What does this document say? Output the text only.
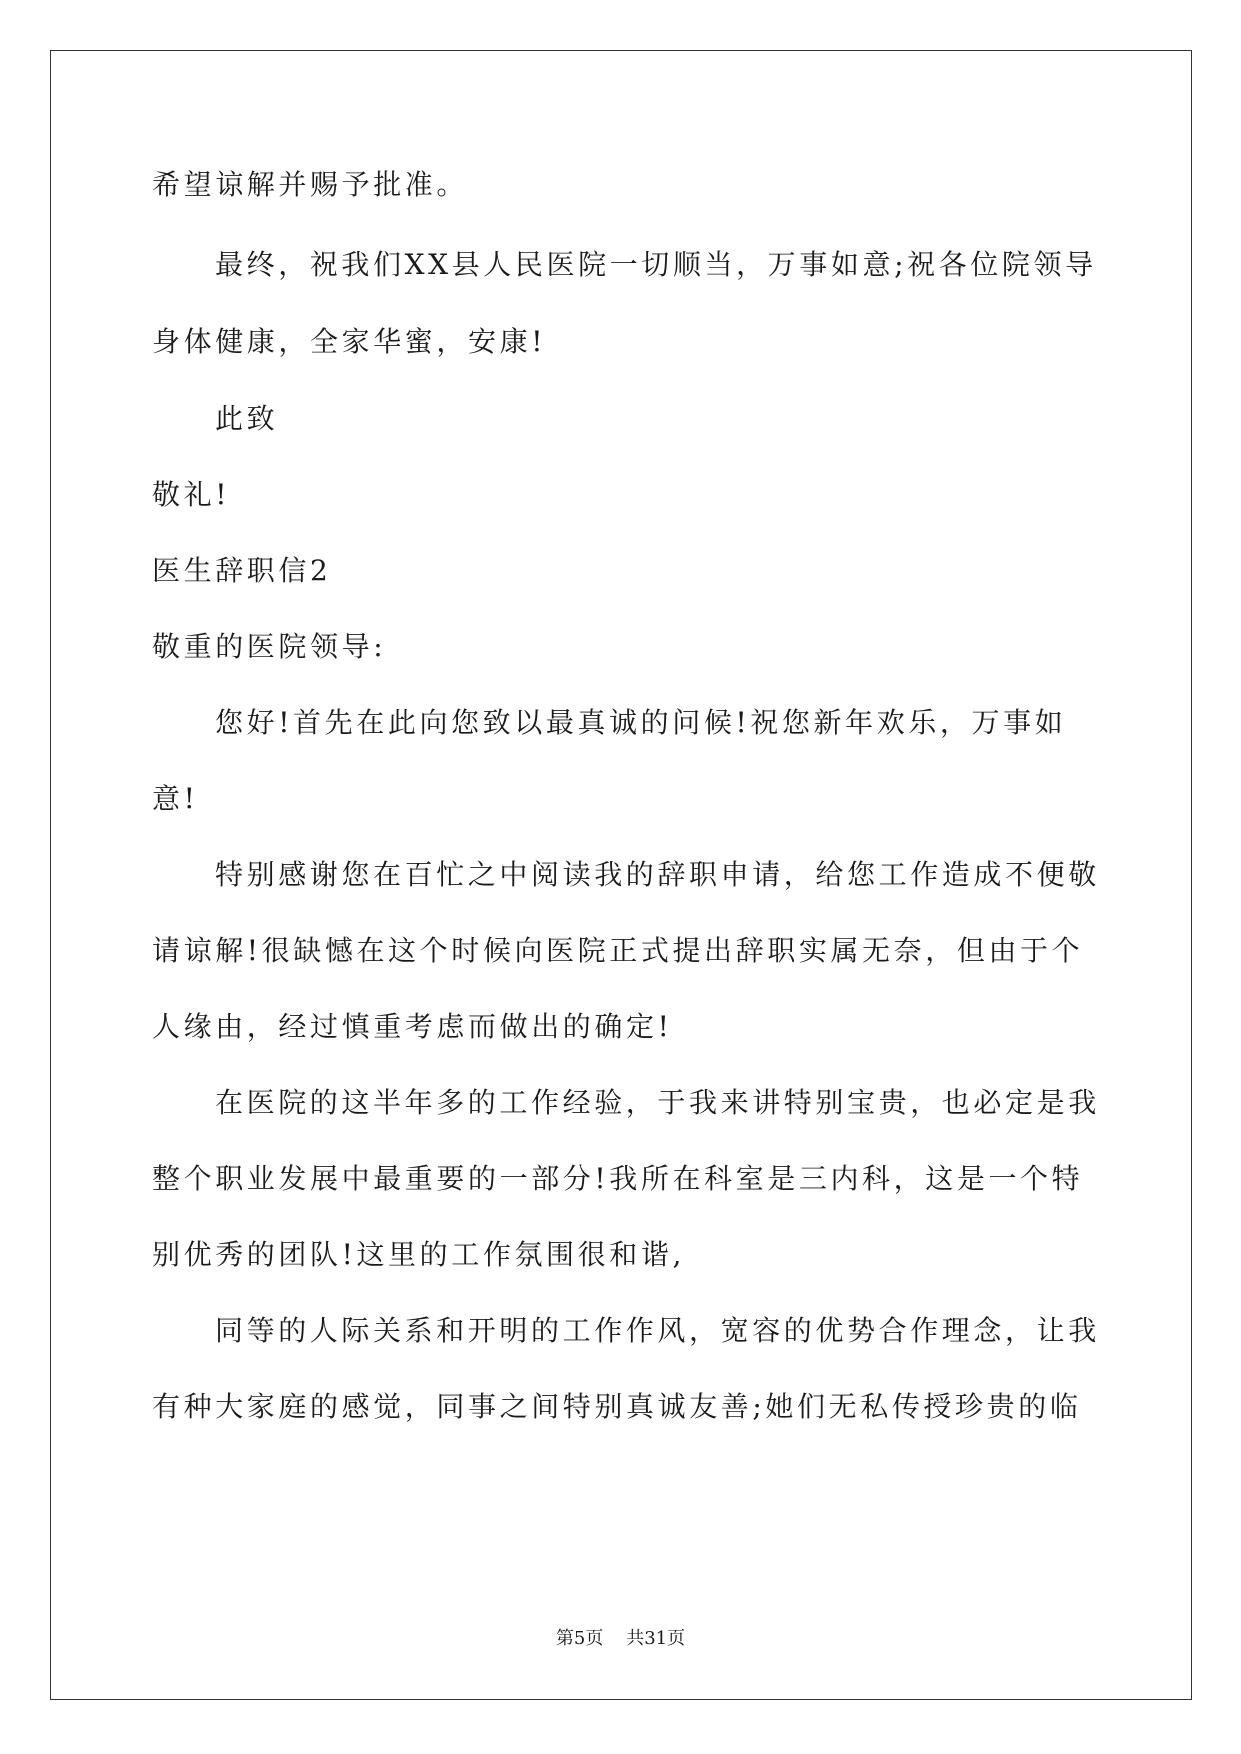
希望谅解并赐予批准。
最终，祝我们XX县人民医院一切顺当，万事如意;祝各位院领导
身体健康，全家华蜜，安康!
此致
敬礼!
医生辞职信2
敬重的医院领导:
您好!首先在此向您致以最真诚的问候!祝您新年欢乐，万事如
意!
特别感谢您在百忙之中阅读我的辞职申请，给您工作造成不便敬
请谅解!很缺憾在这个时候向医院正式提出辞职实属无奈，但由于个
人缘由，经过慎重考虑而做出的确定!
在医院的这半年多的工作经验，于我来讲特别宝贵，也必定是我
整个职业发展中最重要的一部分!我所在科室是三内科，这是一个特
别优秀的团队!这里的工作氛围很和谐,
同等的人际关系和开明的工作作风，宽容的优势合作理念，让我
有种大家庭的感觉，同事之间特别真诚友善;她们无私传授珍贵的临
第5页 共31页
